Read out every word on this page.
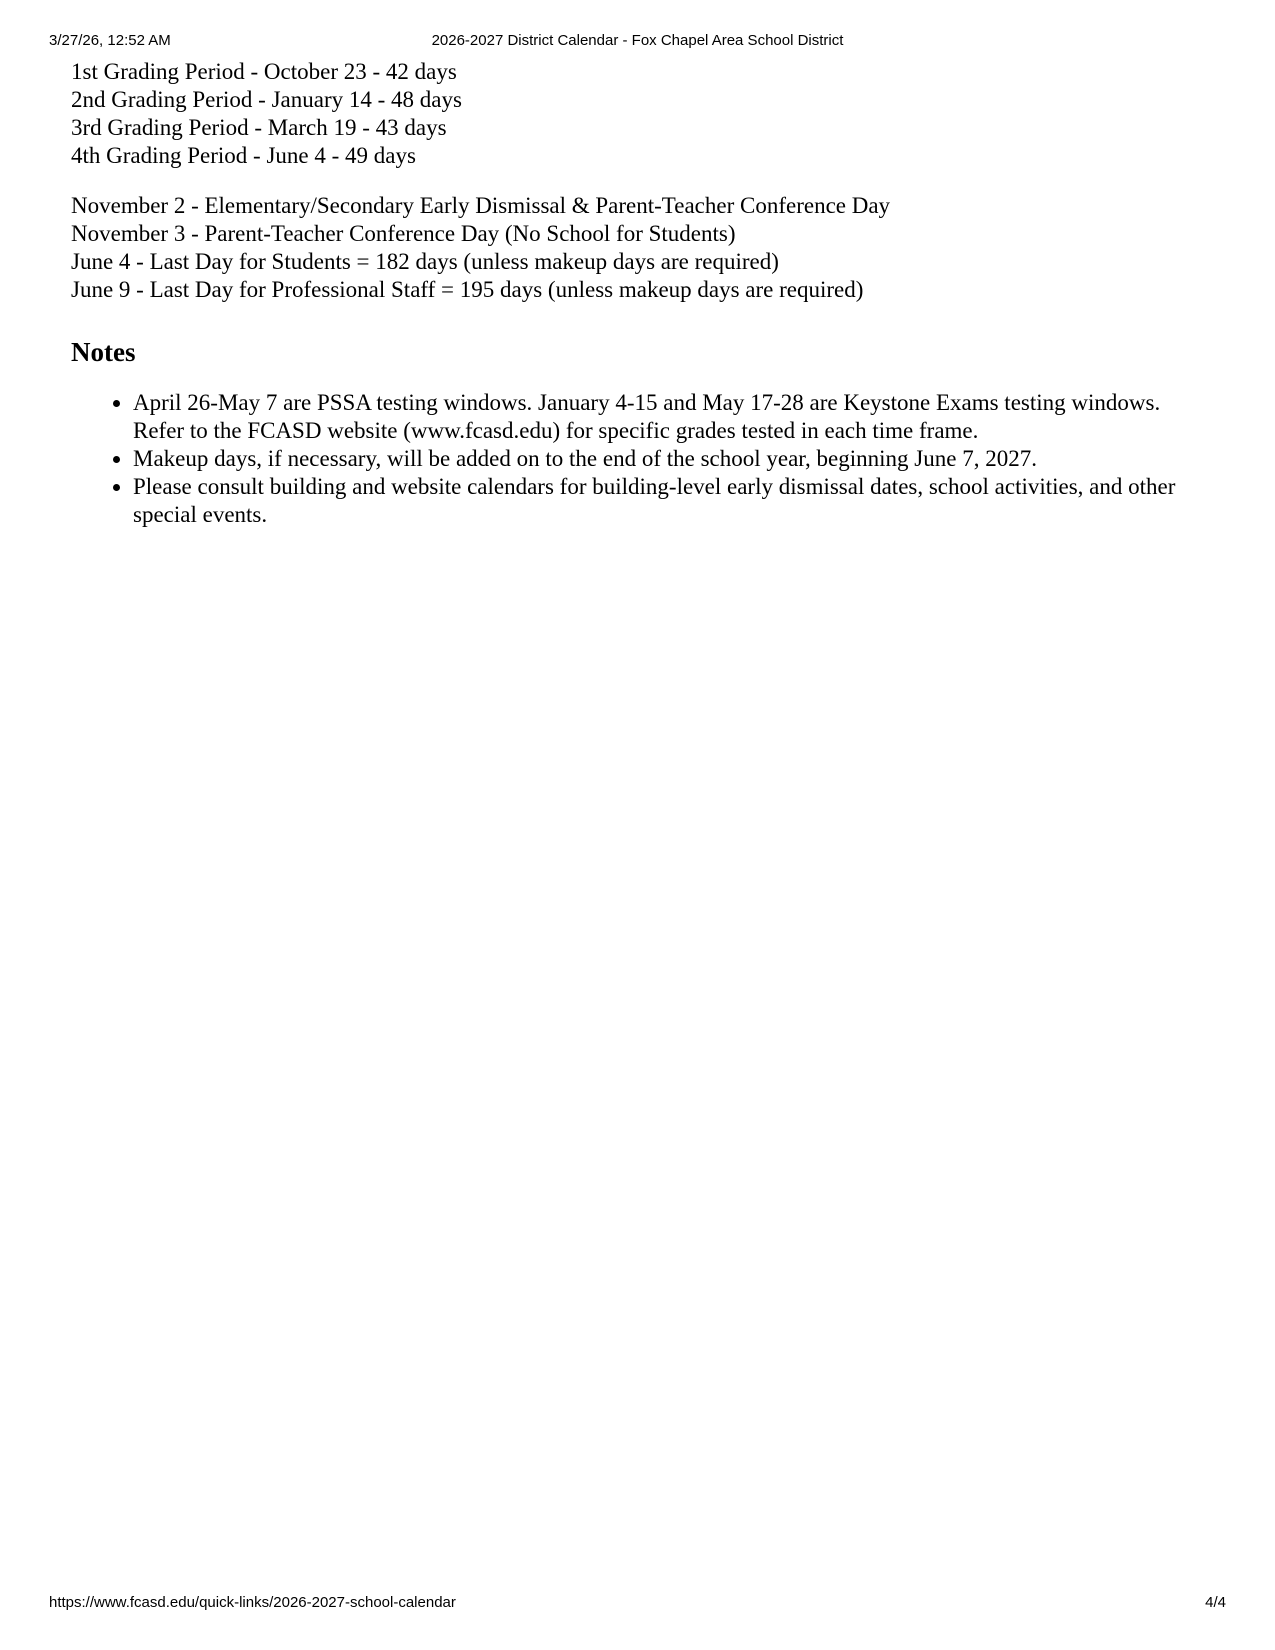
2026-2027 District Calendar - Fox Chapel Area School District
3/27/26, 12:52 AM
1st Grading Period - October 23 - 42 days
2nd Grading Period - January 14 - 48 days
3rd Grading Period - March 19 - 43 days
4th Grading Period - June 4 - 49 days
November 2 - Elementary/Secondary Early Dismissal & Parent-Teacher Conference Day
November 3 - Parent-Teacher Conference Day (No School for Students)
June 4 - Last Day for Students = 182 days (unless makeup days are required)
June 9 - Last Day for Professional Staff = 195 days (unless makeup days are required)
Notes
• April 26-May 7 are PSSA testing windows. January 4-15 and May 17-28 are Keystone Exams testing windows. Refer to the FCASD website (www.fcasd.edu) for specific grades tested in each time frame.
• Makeup days, if necessary, will be added on to the end of the school year, beginning June 7, 2027.
• Please consult building and website calendars for building-level early dismissal dates, school activities, and other special events.
https://www.fcasd.edu/quick-links/2026-2027-school-calendar	4/4
